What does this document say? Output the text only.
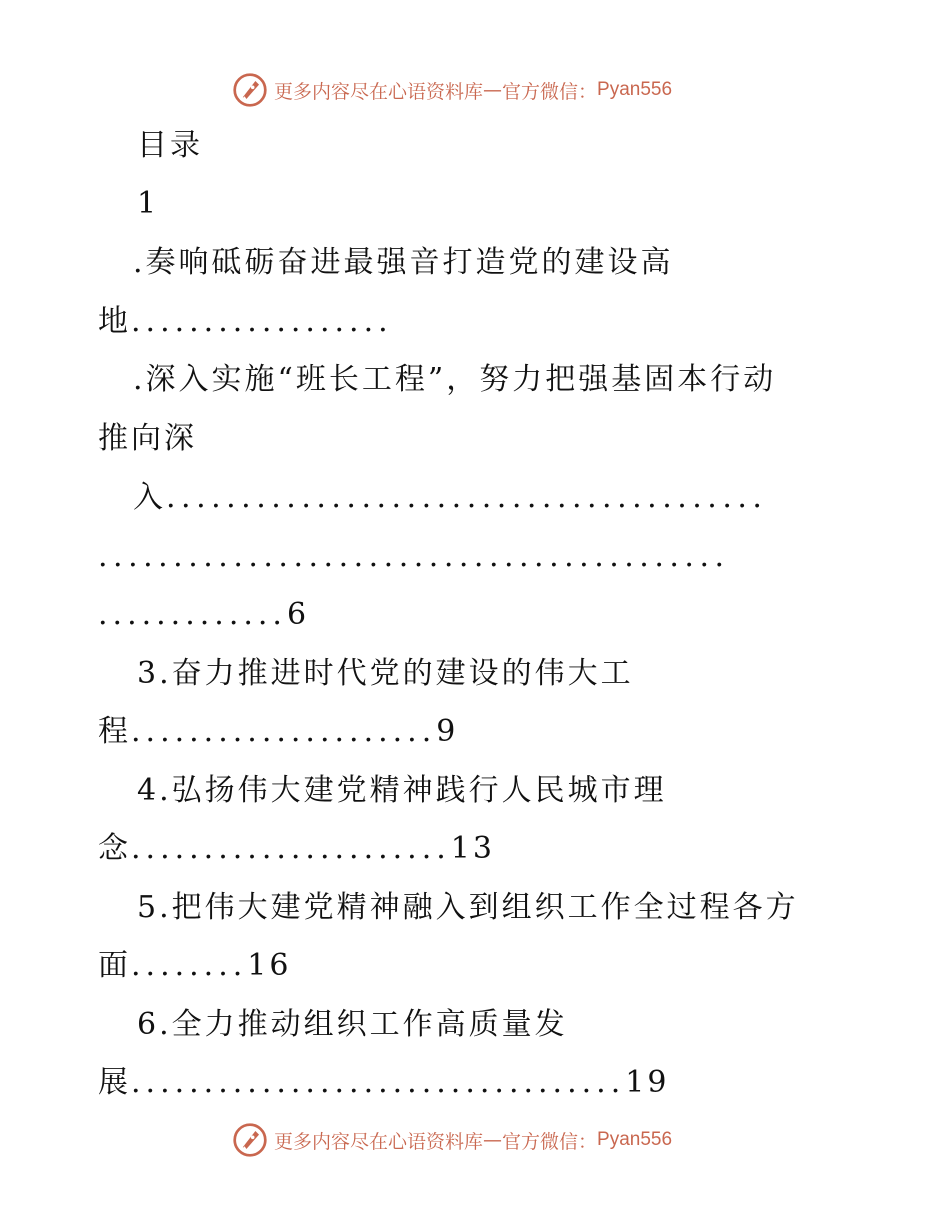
更多内容尽在心语资料库 — 官方微信： Pyan556
目录
1
.奏响砥砺奋进最强音打造党的建设高
地..................
.深入实施“班长工程”，努力把强基固本行动
推向深
入........................................
..........................................
.............6
3.奋力推进时代党的建设的伟大工
程.....................9
4.弘扬伟大建党精神践行人民城市理
念......................13
5.把伟大建党精神融入到组织工作全过程各方
面........16
6.全力推动组织工作高质量发
展..................................19
更多内容尽在心语资料库 — 官方微信： Pyan556
